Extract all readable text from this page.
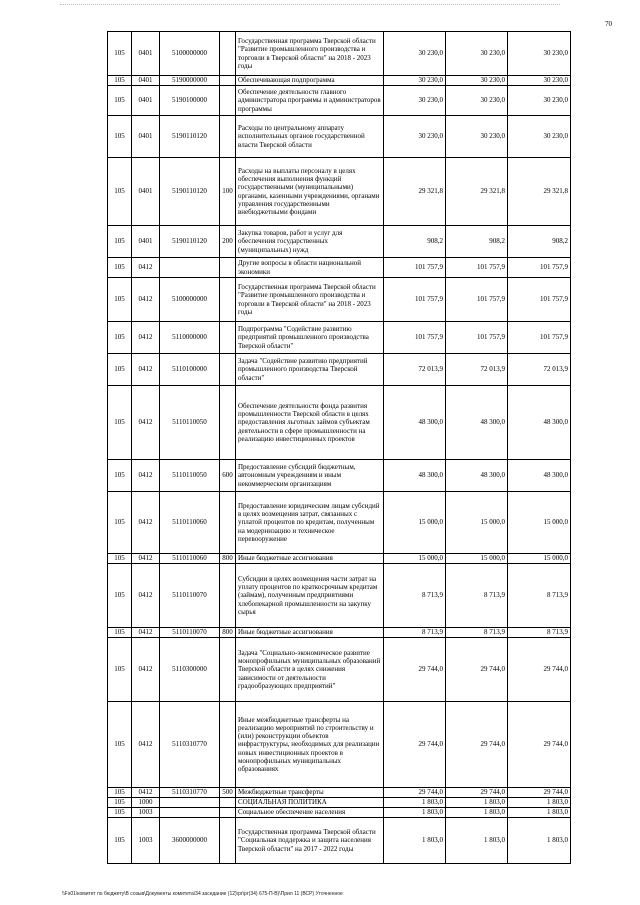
70
105	0401	5100000000		Государственная программа Тверской области "Развитие промышленного производства и торговли в Тверской области" на 2018 - 2023 годы	30 230,0	30 230,0	30 230,0
105	0401	5190000000		Обеспечивающая подпрограмма	30 230,0	30 230,0	30 230,0
105	0401	5190100000		Обеспечение деятельности главного администратора программы и администраторов программы	30 230,0	30 230,0	30 230,0
105	0401	5190110120		Расходы по центральному аппарату исполнительных органов государственной власти Тверской области	30 230,0	30 230,0	30 230,0
105	0401	5190110120	100	Расходы на выплаты персоналу в целях обеспечения выполнения функций государственными (муниципальными) органами, казенными учреждениями, органами управления государственными внебюджетными фондами	29 321,8	29 321,8	29 321,8
105	0401	5190110120	200	Закупка товаров, работ и услуг для обеспечения государственных (муниципальных) нужд	908,2	908,2	908,2
105	0412			Другие вопросы в области национальной экономики	101 757,9	101 757,9	101 757,9
105	0412	5100000000		Государственная программа Тверской области "Развитие промышленного производства и торговли в Тверской области" на 2018 - 2023 годы	101 757,9	101 757,9	101 757,9
105	0412	5110000000		Подпрограмма "Содействие развитию предприятий промышленного производства Тверской области"	101 757,9	101 757,9	101 757,9
105	0412	5110100000		Задача "Содействие развитию предприятий промышленного производства Тверской области"	72 013,9	72 013,9	72 013,9
105	0412	5110110050		Обеспечение деятельности фонда развития промышленности Тверской области в целях предоставления льготных займов субъектам деятельности в сфере промышленности на реализацию инвестиционных проектов	48 300,0	48 300,0	48 300,0
105	0412	5110110050	600	Предоставление субсидий бюджетным, автономным учреждениям и иным некоммерческим организациям	48 300,0	48 300,0	48 300,0
105	0412	5110110060		Предоставление юридическим лицам субсидий в целях возмещения затрат, связанных с уплатой процентов по кредитам, полученным на модернизацию и техническое перевооружение	15 000,0	15 000,0	15 000,0
105	0412	5110110060	800	Иные бюджетные ассигнования	15 000,0	15 000,0	15 000,0
105	0412	5110110070		Субсидии в целях возмещения части затрат на уплату процентов по краткосрочным кредитам (займам), полученным предприятиями хлебопекарной промышленности на закупку сырья	8 713,9	8 713,9	8 713,9
105	0412	5110110070	800	Иные бюджетные ассигнования	8 713,9	8 713,9	8 713,9
105	0412	5110300000		Задача "Социально-экономическое развитие монопрофильных муниципальных образований Тверской области в целях снижения зависимости от деятельности градообразующих предприятий"	29 744,0	29 744,0	29 744,0
105	0412	5110310770		Иные межбюджетные трансферты на реализацию мероприятий по строительству и (или) реконструкции объектов инфраструктуры, необходимых для реализации новых инвестиционных проектов в монопрофильных муниципальных образованиях	29 744,0	29 744,0	29 744,0
105	0412	5110310770	500	Межбюджетные трансферты	29 744,0	29 744,0	29 744,0
105	1000			СОЦИАЛЬНАЯ ПОЛИТИКА	1 803,0	1 803,0	1 803,0
105	1003			Социальное обеспечение населения	1 803,0	1 803,0	1 803,0
105	1003	3600000000		Государственная программа Тверской области "Социальная поддержка и защита населения Тверской области" на 2017 - 2022 годы	1 803,0	1 803,0	1 803,0
\\Fs01\комитет по бюджету\В созыв\Документы комитета\34 заседание (12)\рг\рг(34) 675-П-В)\Прил 11 (ВСР) Уточненное
